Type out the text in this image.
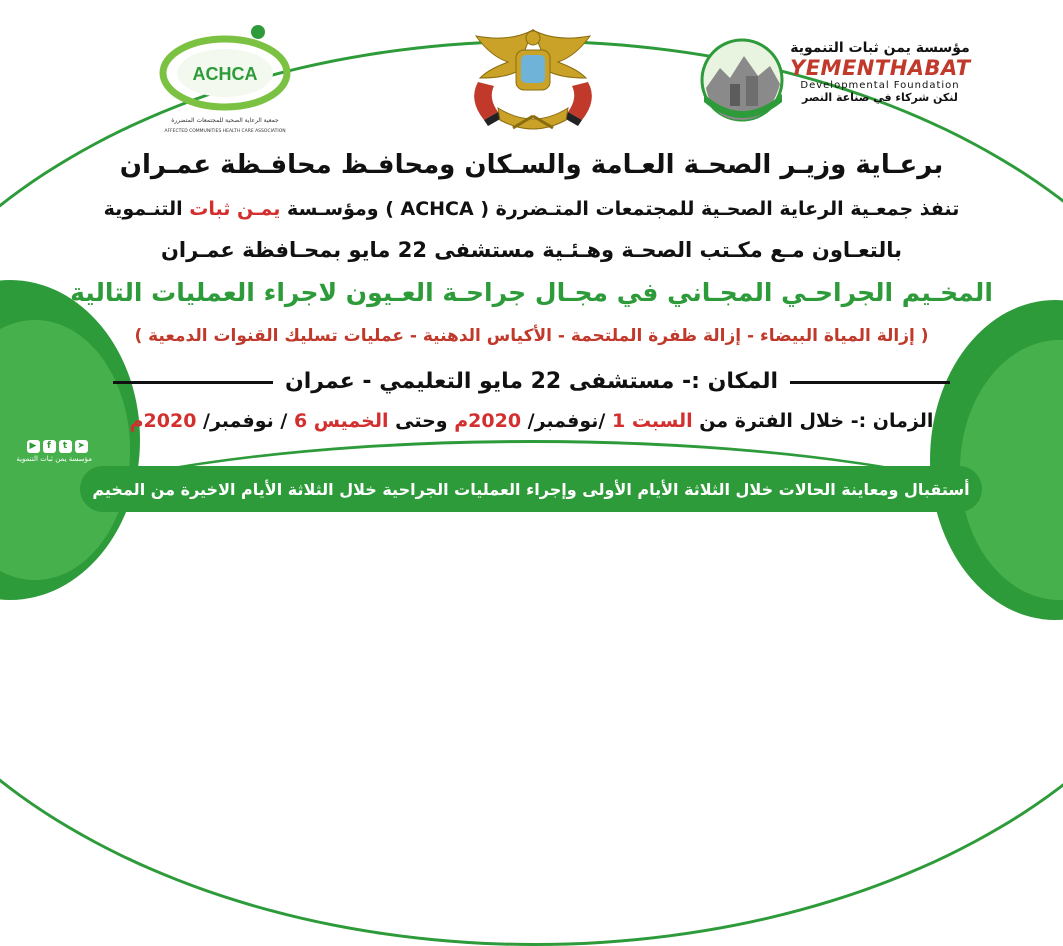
ACHCA
جمعية الرعاية الصحية للمجتمعات المتضررة
AFFECTED COMMUNITIES HEALTH CARE ASSOCIATION
مؤسسة يمن ثبات التنموية
YEMENTHABAT
Developmental Foundation
لنكن شركاء في صناعة النصر
برعـاية وزيـر الصحـة العـامة والسـكان ومحافـظ محافـظة عمـران
تنفذ جمعـية الرعاية الصحـية للمجتمعات المتـضررة ( ACHCA ) ومؤسـسة يمـن ثبات التنـموية
بالتعـاون مـع مكـتب الصحـة وهـئـية مستشفى 22 مايو بمحـافظة عمـران
المخـيم الجراحـي المجـاني في مجـال جراحـة العـيون لاجراء العمليات التالية
( إزالة المياة البيضاء - إزالة ظفرة الملتحمة - الأكياس الدهنية - عمليات تسليك القنوات الدمعية )
المكان :- مستشفى 22 مايو التعليمي - عمران
الزمان :- خلال الفترة من السبت 1 /نوفمبر/ 2020م وحتى الخميس 6 / نوفمبر/ 2020م
▶	f	t	➤
مؤسسة يمن ثبات التنموية
أستقبال ومعاينة الحالات خلال الثلاثة الأيام الأولى وإجراء العمليات الجراحية خلال الثلاثة الأيام الاخيرة من المخيم
